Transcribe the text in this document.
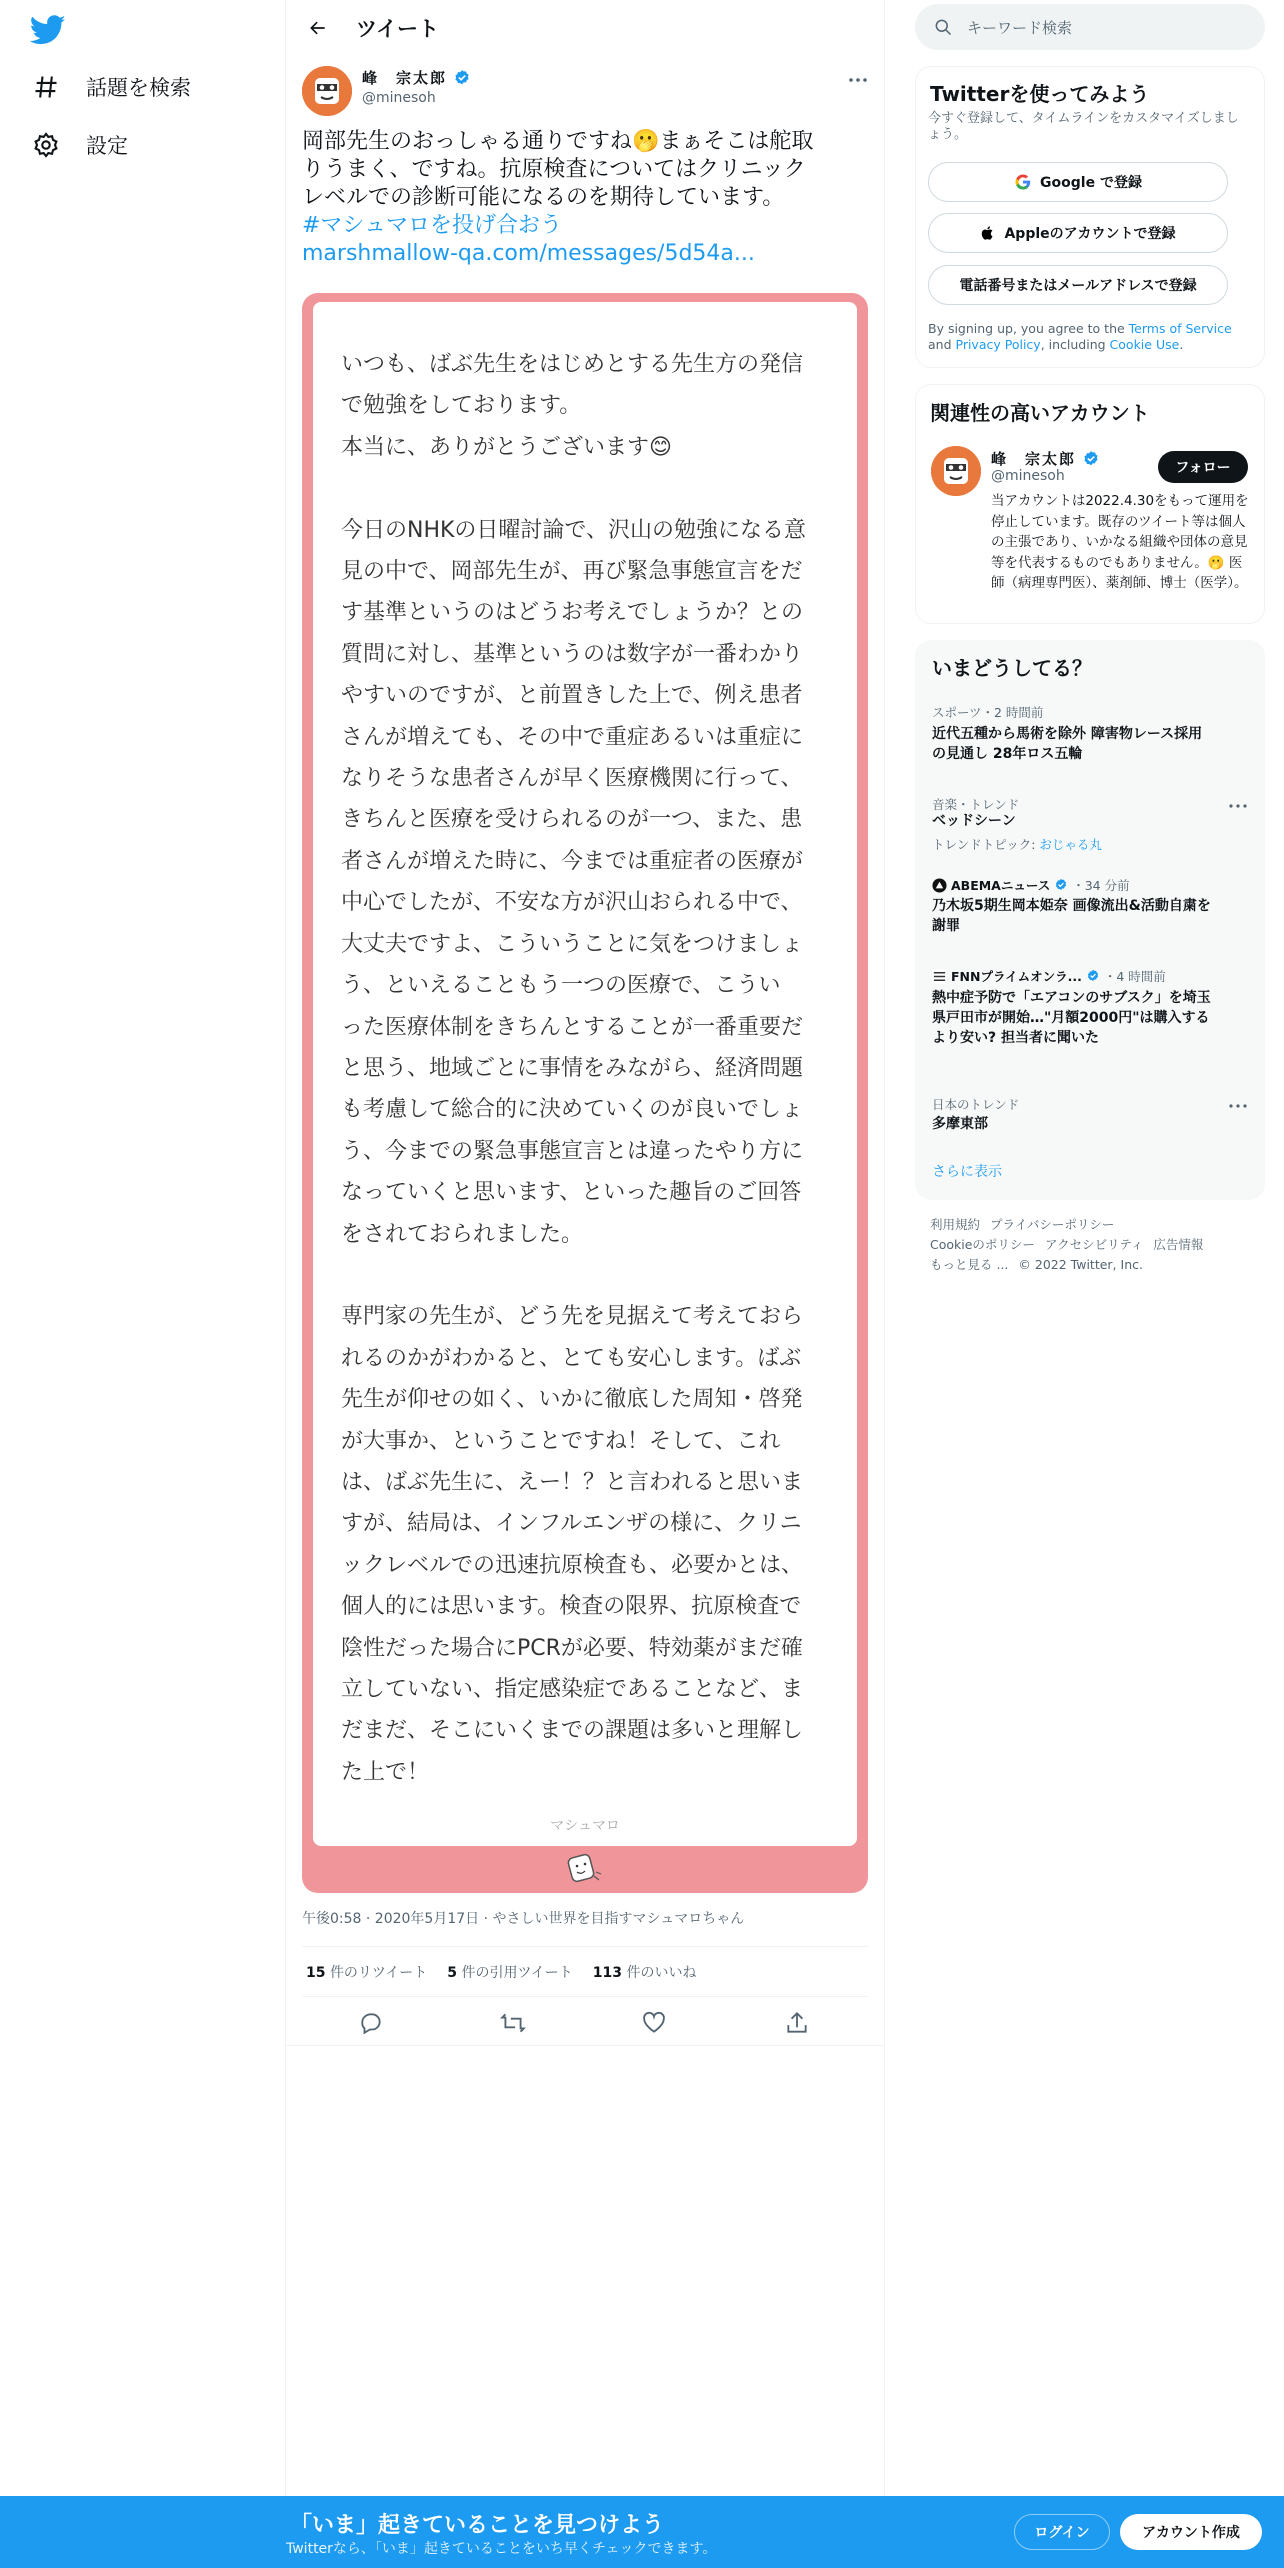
話題を検索
設定
ツイート
峰　宗太郎
@minesoh
岡部先生のおっしゃる通りですね🫢まぁそこは舵取
りうまく、ですね。抗原検査についてはクリニック
レベルでの診断可能になるのを期待しています。
#マシュマロを投げ合おう
marshmallow-qa.com/messages/5d54a...
いつも、ばぶ先生をはじめとする先生方の発信
で勉強をしております。
本当に、ありがとうございます😊

今日のNHKの日曜討論で、沢山の勉強になる意
見の中で、岡部先生が、再び緊急事態宣言をだ
す基準というのはどうお考えでしょうか？との
質問に対し、基準というのは数字が一番わかり
やすいのですが、と前置きした上で、例え患者
さんが増えても、その中で重症あるいは重症に
なりそうな患者さんが早く医療機関に行って、
きちんと医療を受けられるのが一つ、また、患
者さんが増えた時に、今までは重症者の医療が
中心でしたが、不安な方が沢山おられる中で、
大丈夫ですよ、こういうことに気をつけましょ
う、といえることもう一つの医療で、こうい
った医療体制をきちんとすることが一番重要だ
と思う、地域ごとに事情をみながら、経済問題
も考慮して総合的に決めていくのが良いでしょ
う、今までの緊急事態宣言とは違ったやり方に
なっていくと思います、といった趣旨のご回答
をされておられました。

専門家の先生が、どう先を見据えて考えておら
れるのかがわかると、とても安心します。ばぶ
先生が仰せの如く、いかに徹底した周知・啓発
が大事か、ということですね！そして、これ
は、ばぶ先生に、えー！？と言われると思いま
すが、結局は、インフルエンザの様に、クリニ
ックレベルでの迅速抗原検査も、必要かとは、
個人的には思います。検査の限界、抗原検査で
陰性だった場合にPCRが必要、特効薬がまだ確
立していない、指定感染症であることなど、ま
だまだ、そこにいくまでの課題は多いと理解し
た上で！
マシュマロ
午後0:58 · 2020年5月17日 · やさしい世界を目指すマシュマロちゃん
15 件のリツイート 5 件の引用ツイート 113 件のいいね
キーワード検索
Twitterを使ってみよう
今すぐ登録して、タイムラインをカスタマイズしましょう。
Google で登録
Appleのアカウントで登録
電話番号またはメールアドレスで登録
By signing up, you agree to the Terms of Service and Privacy Policy, including Cookie Use.
関連性の高いアカウント
峰　宗太郎
@minesoh	フォロー
当アカウントは2022.4.30をもって運用を停止しています。既存のツイート等は個人の主張であり、いかなる組織や団体の意見等を代表するものでもありません。🫢 医師（病理専門医）、薬剤師、博士（医学）。
いまどうしてる？
スポーツ・2 時間前
近代五種から馬術を除外 障害物レース採用の見通し 28年ロス五輪
音楽・トレンド
ベッドシーン
トレンドトピック: おじゃる丸
ABEMAニュース ・34 分前
乃木坂5期生岡本姫奈 画像流出&活動自粛を謝罪
FNNプライムオンラ... ・4 時間前
熱中症予防で「エアコンのサブスク」を埼玉県戸田市が開始…"月額2000円"は購入するより安い? 担当者に聞いた
日本のトレンド
多摩東部
さらに表示
利用規約 プライバシーポリシー
Cookieのポリシー アクセシビリティ 広告情報
もっと見る ... © 2022 Twitter, Inc.
「いま」起きていることを見つけよう
Twitterなら、「いま」起きていることをいち早くチェックできます。
ログイン	アカウント作成
